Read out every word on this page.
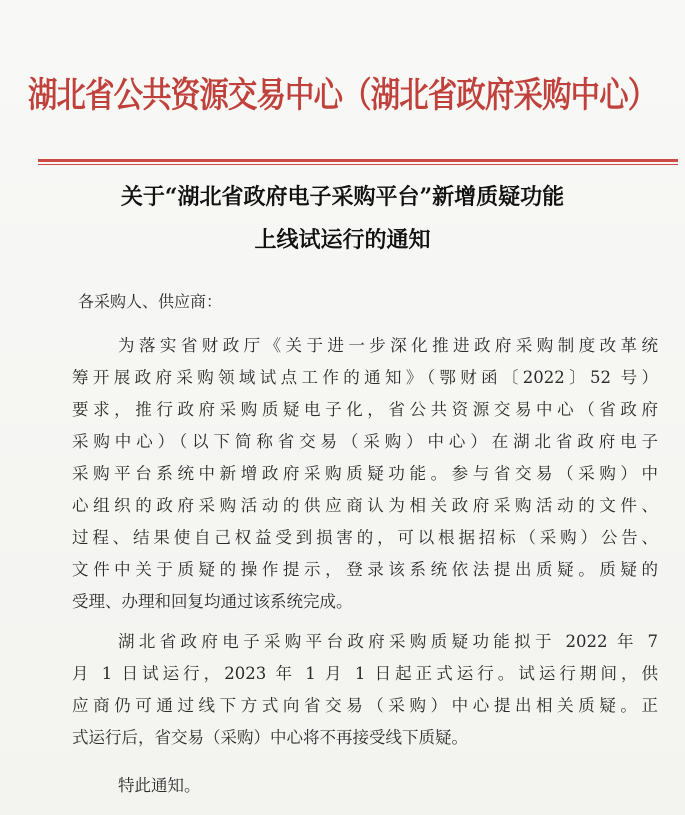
湖北省公共资源交易中心（湖北省政府采购中心）
关于“湖北省政府电子采购平台”新增质疑功能
上线试运行的通知
各采购人、供应商：
为落实省财政厅《关于进一步深化推进政府采购制度改革统
筹开展政府采购领域试点工作的通知》（鄂财函〔2022〕52 号）
要求，推行政府采购质疑电子化，省公共资源交易中心（省政府
采购中心）（以下简称省交易（采购）中心）在湖北省政府电子
采购平台系统中新增政府采购质疑功能。参与省交易（采购）中
心组织的政府采购活动的供应商认为相关政府采购活动的文件、
过程、结果使自己权益受到损害的，可以根据招标（采购）公告、
文件中关于质疑的操作提示，登录该系统依法提出质疑。质疑的
受理、办理和回复均通过该系统完成。
湖北省政府电子采购平台政府采购质疑功能拟于 2022 年 7
月 1 日试运行，2023 年 1 月 1 日起正式运行。试运行期间，供
应商仍可通过线下方式向省交易（采购）中心提出相关质疑。正
式运行后，省交易（采购）中心将不再接受线下质疑。
特此通知。
